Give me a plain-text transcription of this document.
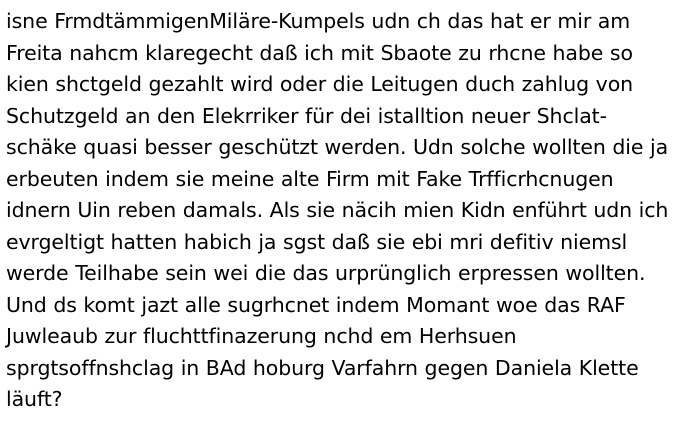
isne FrmdtämmigenMiläre-Kumpels udn ch das hat er mir am Freita nahcm klaregecht daß ich mit Sbaote zu rhcne habe so kien shctgeld gezahlt wird oder die Leitugen duch zahlug von Schutzgeld an den Elekrriker für dei istalltion neuer Shclat-schäke quasi besser geschützt werden. Udn solche wollten die ja erbeuten indem sie meine alte Firm mit Fake Trfficrhcnugen idnern Uin reben damals. Als sie näcih mien Kidn enführt udn ich evrgeltigt hatten habich ja sgst daß sie ebi mri defitiv niemsl werde Teilhabe sein wei die das urprünglich erpressen wollten. Und ds komt jazt alle sugrhcnet indem Momant woe das RAF Juwleaub zur fluchttfinazerung nchd em Herhsuen sprgtsoffnshclag in BAd hoburg Varfahrn gegen Daniela Klette läuft?
